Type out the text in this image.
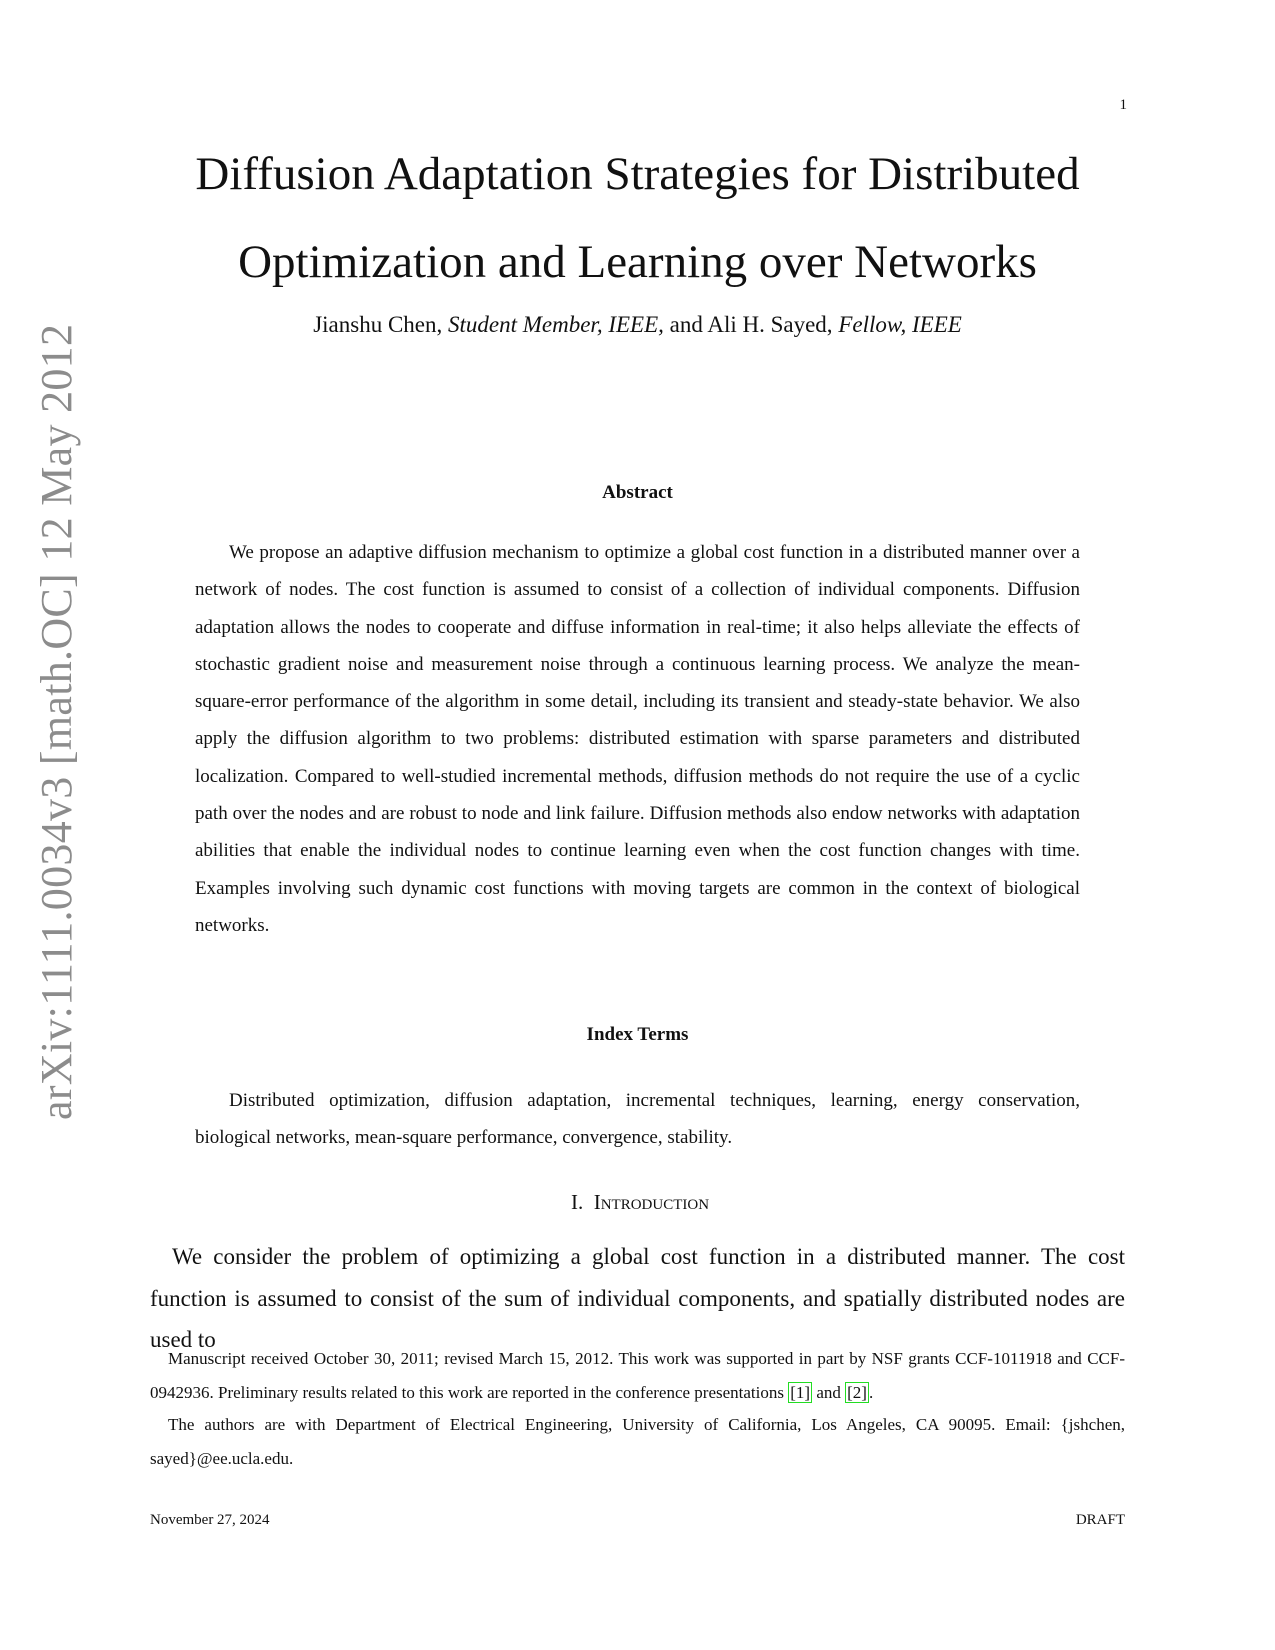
1
Diffusion Adaptation Strategies for Distributed
Optimization and Learning over Networks
Jianshu Chen, Student Member, IEEE, and Ali H. Sayed, Fellow, IEEE
arXiv:1111.0034v3 [math.OC] 12 May 2012	Abstract

We propose an adaptive diffusion mechanism to optimize a global cost function in a distributed manner over a network of nodes. The cost function is assumed to consist of a collection of individual components. Diffusion adaptation allows the nodes to cooperate and diffuse information in real-time; it also helps alleviate the effects of stochastic gradient noise and measurement noise through a continuous learning process. We analyze the mean-square-error performance of the algorithm in some detail, including its transient and steady-state behavior. We also apply the diffusion algorithm to two problems: distributed estimation with sparse parameters and distributed localization. Compared to well-studied incremental methods, diffusion methods do not require the use of a cyclic path over the nodes and are robust to node and link failure. Diffusion methods also endow networks with adaptation abilities that enable the individual nodes to continue learning even when the cost function changes with time. Examples involving such dynamic cost functions with moving targets are common in the context of biological networks.

Index Terms

Distributed optimization, diffusion adaptation, incremental techniques, learning, energy conservation, biological networks, mean-square performance, convergence, stability.

I. Introduction

We consider the problem of optimizing a global cost function in a distributed manner. The cost function is assumed to consist of the sum of individual components, and spatially distributed nodes are used to

Manuscript received October 30, 2011; revised March 15, 2012. This work was supported in part by NSF grants CCF-1011918 and CCF-0942936. Preliminary results related to this work are reported in the conference presentations [1] and [2] .

The authors are with Department of Electrical Engineering, University of California, Los Angeles, CA 90095. Email: {jshchen, sayed}@ee.ucla.edu.

November 27, 2024	DRAFT
